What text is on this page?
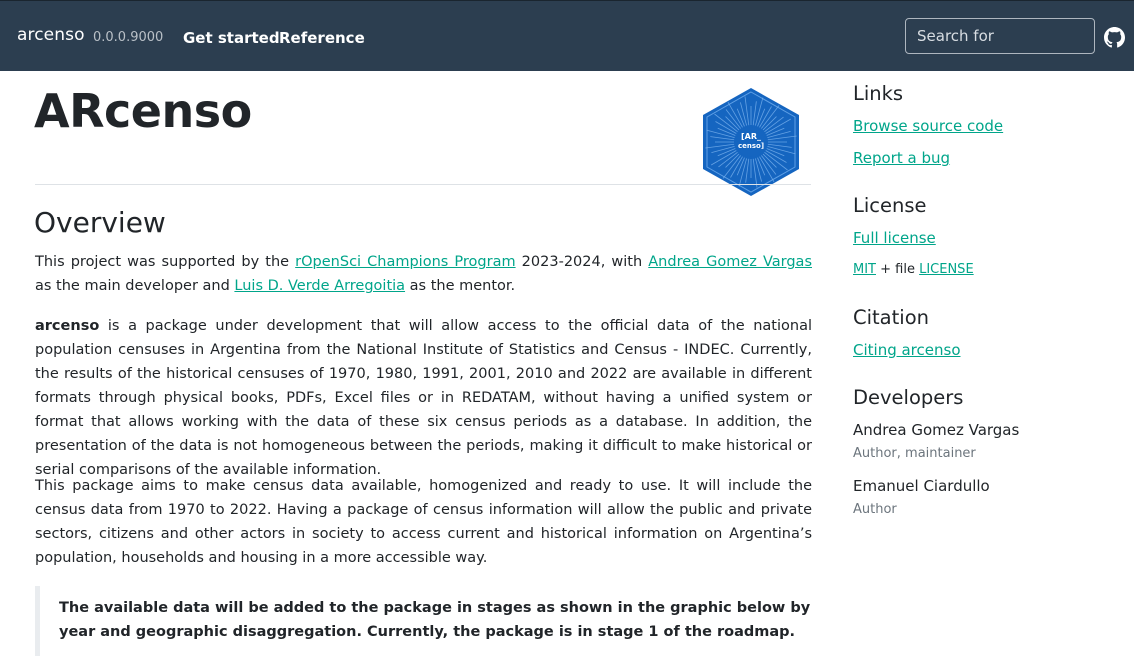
arcenso 0.0.0.9000 Get started Reference
Search for
ARcenso	[AR_
censo]
Overview

This project was supported by the rOpenSci Champions Program 2023-2024, with Andrea Gomez Vargas as the main developer and Luis D. Verde Arregoitia as the mentor.

arcenso is a package under development that will allow access to the official data of the national population censuses in Argentina from the National Institute of Statistics and Census - INDEC. Currently, the results of the historical censuses of 1970, 1980, 1991, 2001, 2010 and 2022 are available in different formats through physical books, PDFs, Excel files or in REDATAM, without having a unified system or format that allows working with the data of these six census periods as a database. In addition, the presentation of the data is not homogeneous between the periods, making it difficult to make historical or serial comparisons of the available information.

This package aims to make census data available, homogenized and ready to use. It will include the census data from 1970 to 2022. Having a package of census information will allow the public and private sectors, citizens and other actors in society to access current and historical information on Argentina’s population, households and housing in a more accessible way.

The available data will be added to the package in stages as shown in the graphic below by year and geographic disaggregation. Currently, the package is in stage 1 of the roadmap.

Links
Browse source code
Report a bug
License
Full license
MIT + file LICENSE
Citation
Citing arcenso
Developers
Andrea Gomez Vargas
Author, maintainer
Emanuel Ciardullo
Author
